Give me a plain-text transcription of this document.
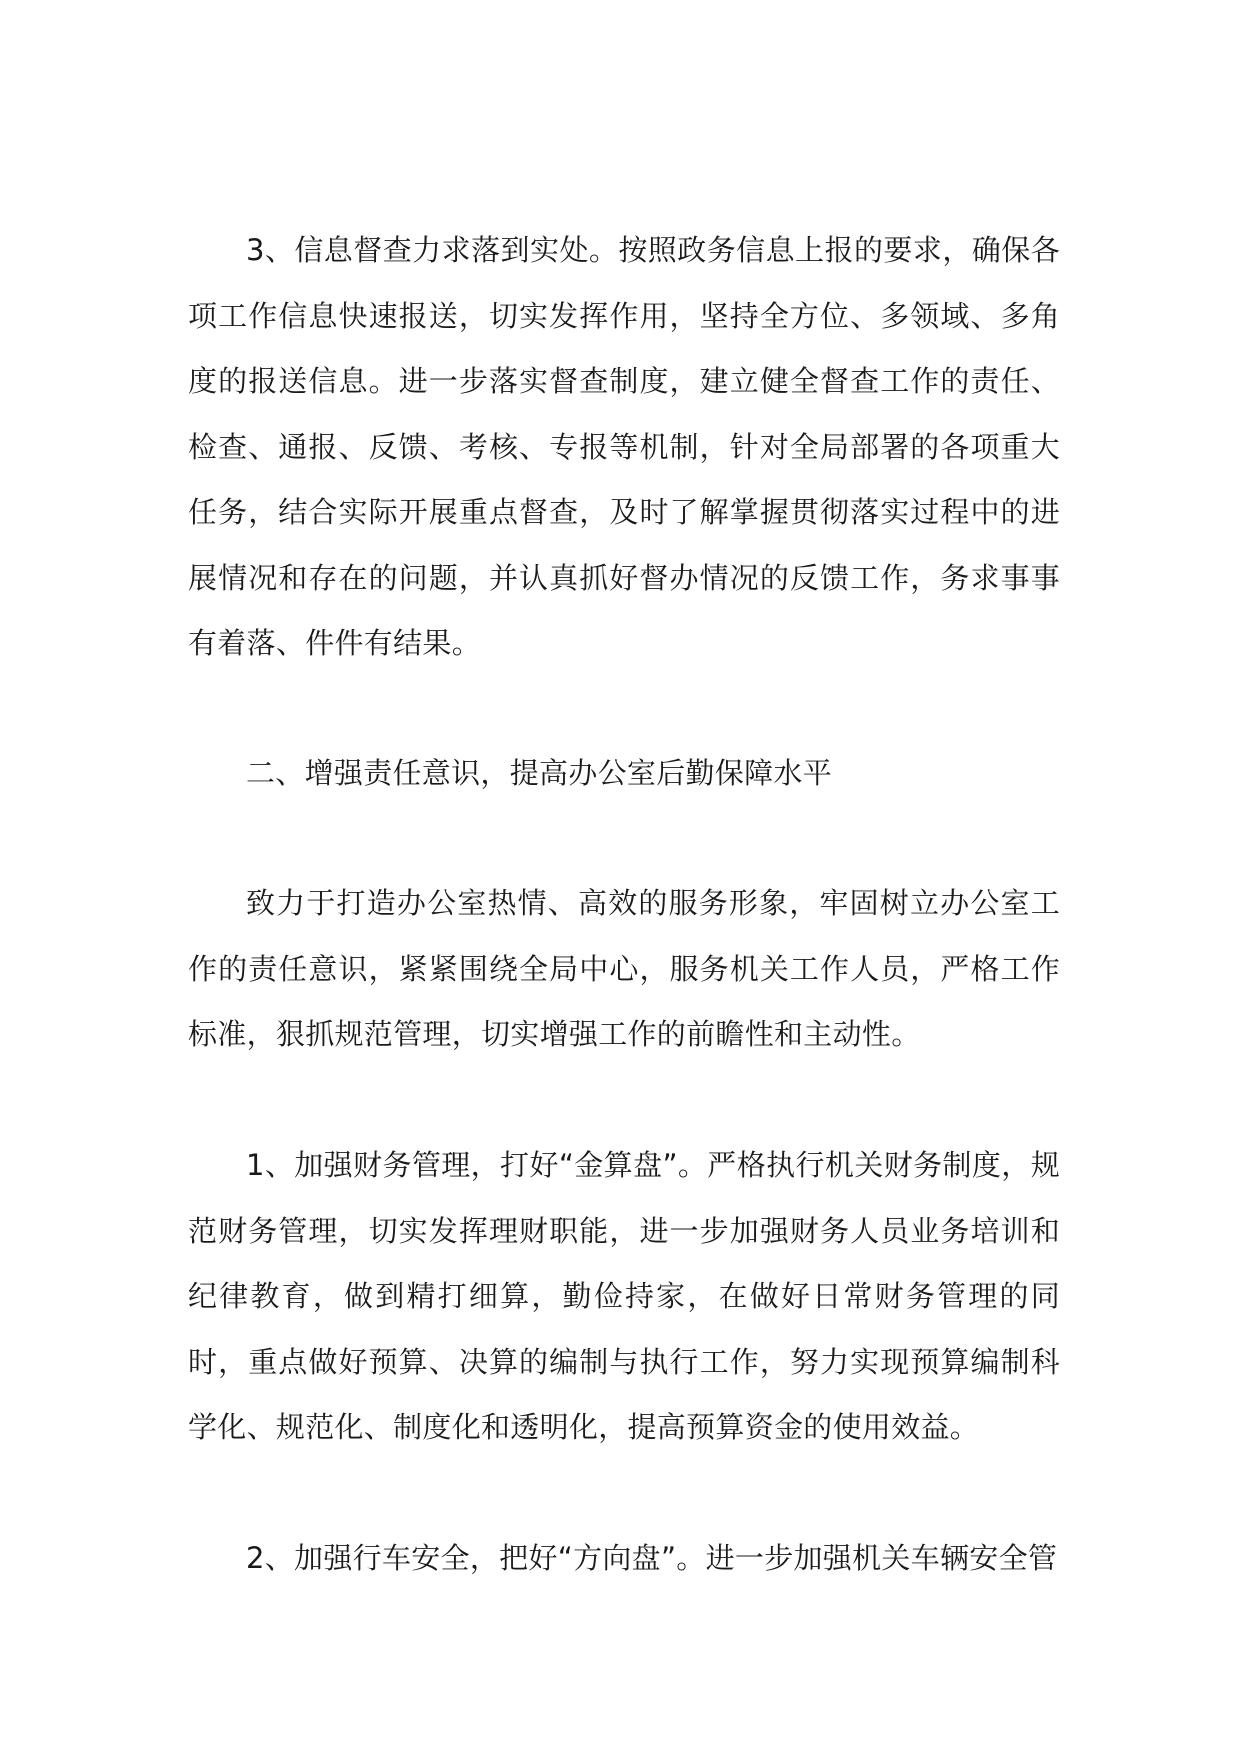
3、信息督查力求落到实处。按照政务信息上报的要求，确保各项工作信息快速报送，切实发挥作用，坚持全方位、多领域、多角度的报送信息。进一步落实督查制度，建立健全督查工作的责任、检查、通报、反馈、考核、专报等机制，针对全局部署的各项重大任务，结合实际开展重点督查，及时了解掌握贯彻落实过程中的进展情况和存在的问题，并认真抓好督办情况的反馈工作，务求事事有着落、件件有结果。

二、增强责任意识，提高办公室后勤保障水平

致力于打造办公室热情、高效的服务形象，牢固树立办公室工作的责任意识，紧紧围绕全局中心，服务机关工作人员，严格工作标准，狠抓规范管理，切实增强工作的前瞻性和主动性。

1、加强财务管理，打好“金算盘”。严格执行机关财务制度，规范财务管理，切实发挥理财职能，进一步加强财务人员业务培训和纪律教育，做到精打细算，勤俭持家，在做好日常财务管理的同时，重点做好预算、决算的编制与执行工作，努力实现预算编制科学化、规范化、制度化和透明化，提高预算资金的使用效益。

2、加强行车安全，把好“方向盘”。进一步加强机关车辆安全管
